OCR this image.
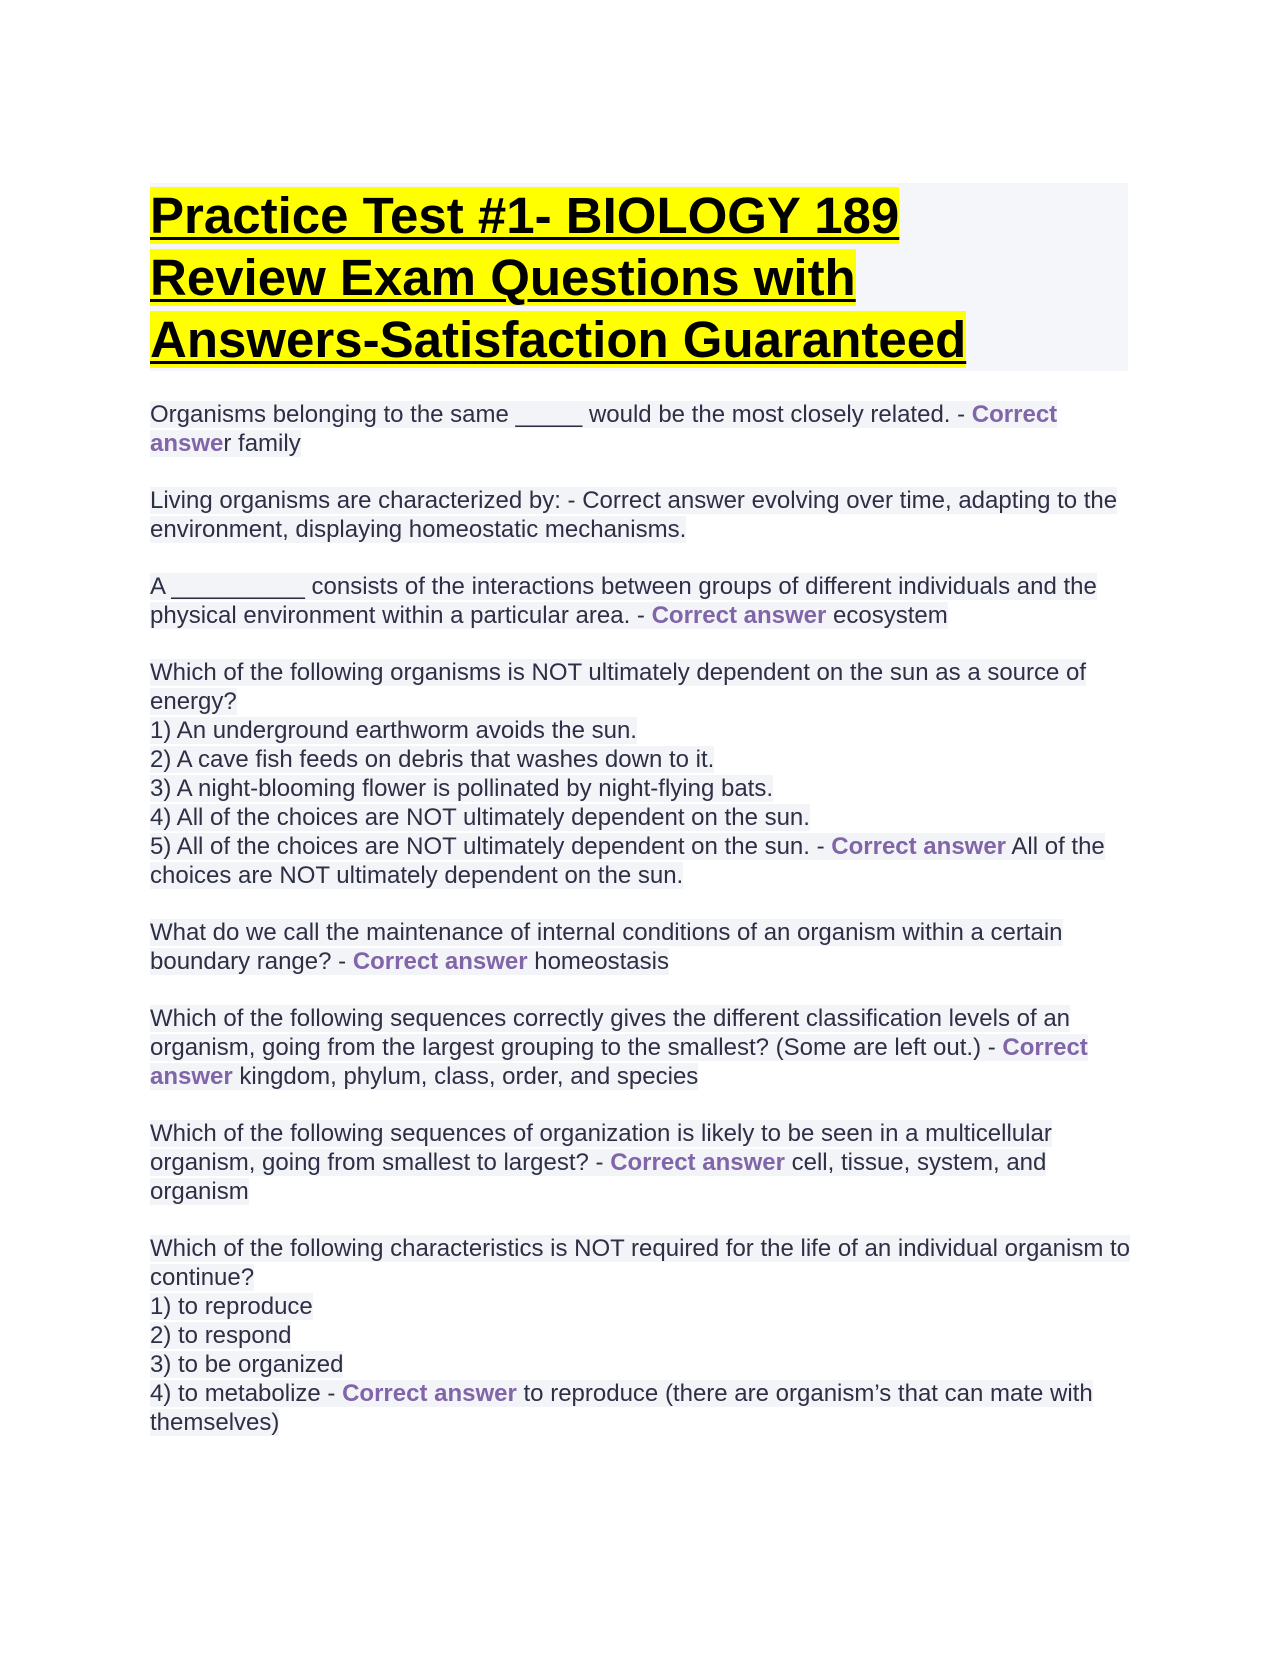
Practice Test #1- BIOLOGY 189
Review Exam Questions with
Answers-Satisfaction Guaranteed

Organisms belonging to the same _____ would be the most closely related. - Correct answer family

Living organisms are characterized by: - Correct answer evolving over time, adapting to the environment, displaying homeostatic mechanisms.

A __________ consists of the interactions between groups of different individuals and the physical environment within a particular area. - Correct answer ecosystem

Which of the following organisms is NOT ultimately dependent on the sun as a source of energy?
1) An underground earthworm avoids the sun.
2) A cave fish feeds on debris that washes down to it.
3) A night-blooming flower is pollinated by night-flying bats.
4) All of the choices are NOT ultimately dependent on the sun.
5) All of the choices are NOT ultimately dependent on the sun. - Correct answer All of the choices are NOT ultimately dependent on the sun.

What do we call the maintenance of internal conditions of an organism within a certain boundary range? - Correct answer homeostasis

Which of the following sequences correctly gives the different classification levels of an organism, going from the largest grouping to the smallest? (Some are left out.) - Correct answer kingdom, phylum, class, order, and species

Which of the following sequences of organization is likely to be seen in a multicellular organism, going from smallest to largest? - Correct answer cell, tissue, system, and organism

Which of the following characteristics is NOT required for the life of an individual organism to continue?
1) to reproduce
2) to respond
3) to be organized
4) to metabolize - Correct answer to reproduce (there are organism’s that can mate with themselves)
